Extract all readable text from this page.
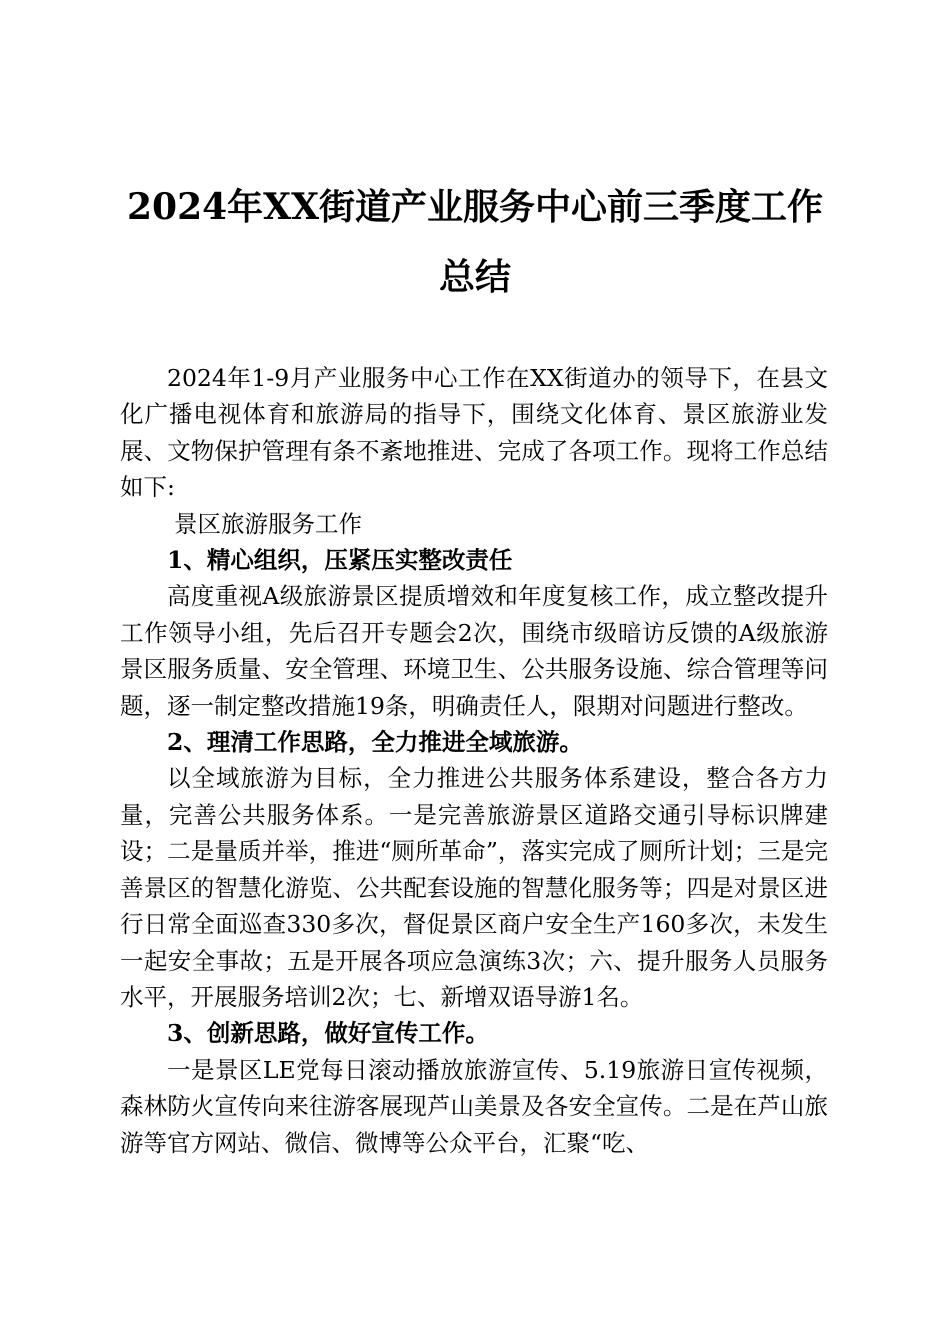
2024年XX街道产业服务中心前三季度工作总结

2024年1-9月产业服务中心工作在XX街道办的领导下，在县文化广播电视体育和旅游局的指导下，围绕文化体育、景区旅游业发展、文物保护管理有条不紊地推进、完成了各项工作。现将工作总结如下:

景区旅游服务工作

1、精心组织，压紧压实整改责任

高度重视A级旅游景区提质增效和年度复核工作，成立整改提升工作领导小组，先后召开专题会2次，围绕市级暗访反馈的A级旅游景区服务质量、安全管理、环境卫生、公共服务设施、综合管理等问题，逐一制定整改措施19条，明确责任人，限期对问题进行整改。

2、理清工作思路，全力推进全域旅游。

以全域旅游为目标，全力推进公共服务体系建设，整合各方力量，完善公共服务体系。一是完善旅游景区道路交通引导标识牌建设；二是量质并举，推进“厕所革命”，落实完成了厕所计划；三是完善景区的智慧化游览、公共配套设施的智慧化服务等；四是对景区进行日常全面巡查330多次，督促景区商户安全生产160多次，未发生一起安全事故；五是开展各项应急演练3次；六、提升服务人员服务水平，开展服务培训2次；七、新增双语导游1名。

3、创新思路，做好宣传工作。

一是景区LE党每日滚动播放旅游宣传、5.19旅游日宣传视频，森林防火宣传向来往游客展现芦山美景及各安全宣传。二是在芦山旅游等官方网站、微信、微博等公众平台，汇聚“吃、
